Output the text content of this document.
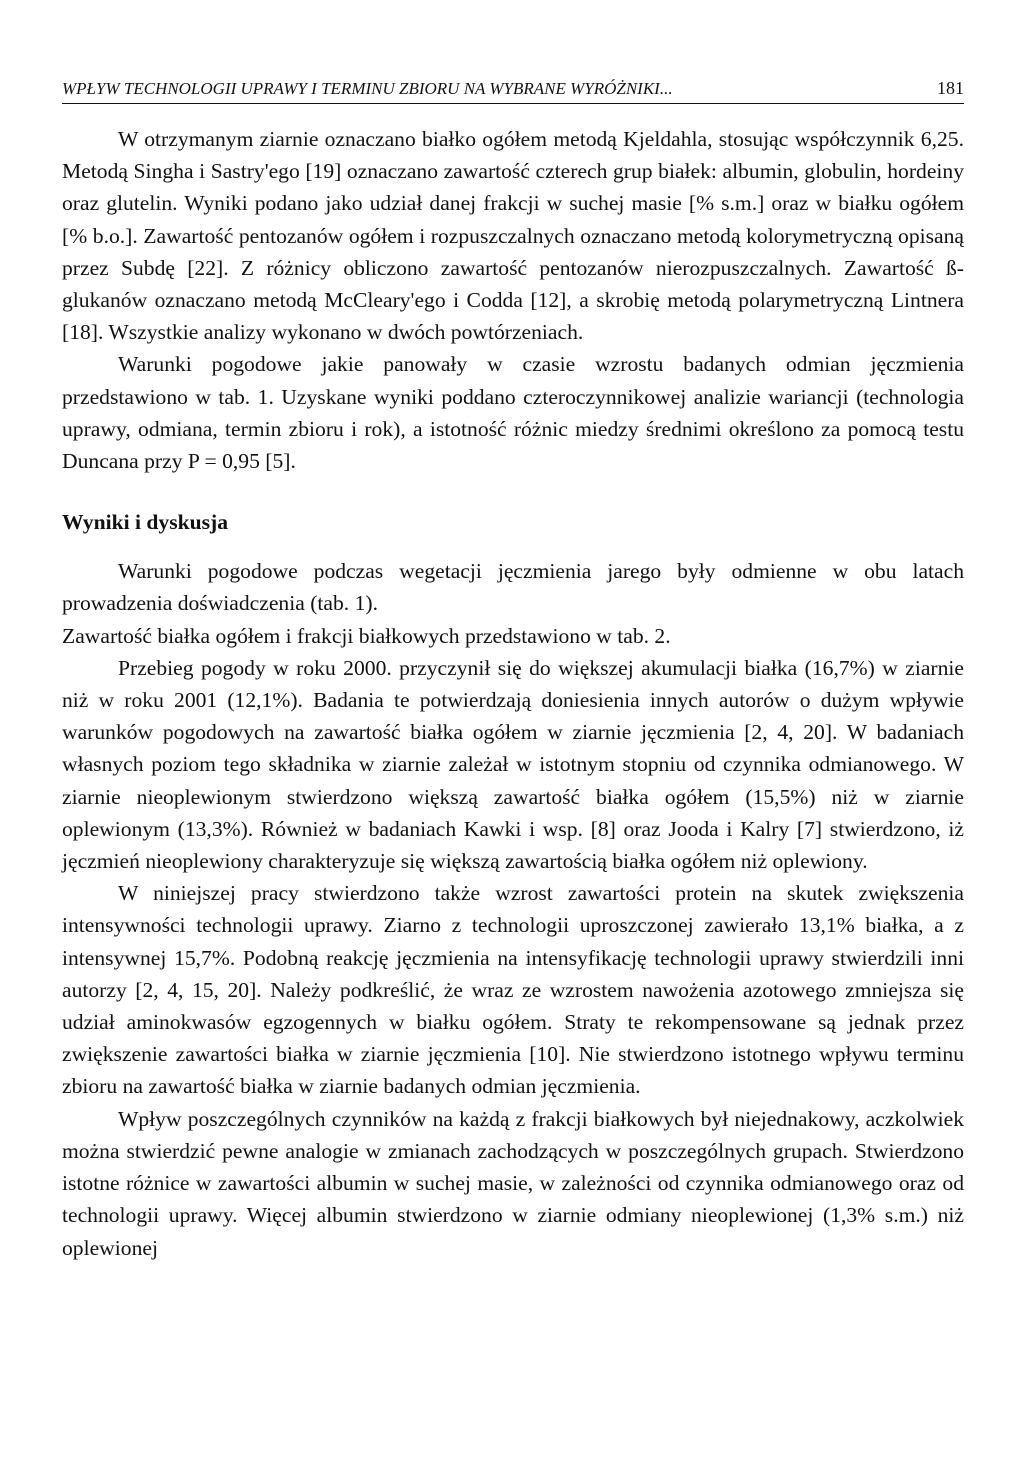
WPŁYW TECHNOLOGII UPRAWY I TERMINU ZBIORU NA WYBRANE WYRÓŻNIKI...	181

W otrzymanym ziarnie oznaczano białko ogółem metodą Kjeldahla, stosując współczynnik 6,25. Metodą Singha i Sastry'ego [19] oznaczano zawartość czterech grup białek: albumin, globulin, hordeiny oraz glutelin. Wyniki podano jako udział danej frakcji w suchej masie [% s.m.] oraz w białku ogółem [% b.o.]. Zawartość pentozanów ogółem i rozpuszczalnych oznaczano metodą kolorymetryczną opisaną przez Subdę [22]. Z różnicy obliczono zawartość pentozanów nierozpuszczalnych. Zawartość ß-glukanów oznaczano metodą McCleary'ego i Codda [12], a skrobię metodą polarymetryczną Lintnera [18]. Wszystkie analizy wykonano w dwóch powtórzeniach.

Warunki pogodowe jakie panowały w czasie wzrostu badanych odmian jęczmienia przedstawiono w tab. 1. Uzyskane wyniki poddano czteroczynnikowej analizie wariancji (technologia uprawy, odmiana, termin zbioru i rok), a istotność różnic miedzy średnimi określono za pomocą testu Duncana przy P = 0,95 [5].

Wyniki i dyskusja

Warunki pogodowe podczas wegetacji jęczmienia jarego były odmienne w obu latach prowadzenia doświadczenia (tab. 1).

Zawartość białka ogółem i frakcji białkowych przedstawiono w tab. 2.

Przebieg pogody w roku 2000. przyczynił się do większej akumulacji białka (16,7%) w ziarnie niż w roku 2001 (12,1%). Badania te potwierdzają doniesienia innych autorów o dużym wpływie warunków pogodowych na zawartość białka ogółem w ziarnie jęczmienia [2, 4, 20]. W badaniach własnych poziom tego składnika w ziarnie zależał w istotnym stopniu od czynnika odmianowego. W ziarnie nieoplewionym stwierdzono większą zawartość białka ogółem (15,5%) niż w ziarnie oplewionym (13,3%). Również w badaniach Kawki i wsp. [8] oraz Jooda i Kalry [7] stwierdzono, iż jęczmień nieoplewiony charakteryzuje się większą zawartością białka ogółem niż oplewiony.

W niniejszej pracy stwierdzono także wzrost zawartości protein na skutek zwiększenia intensywności technologii uprawy. Ziarno z technologii uproszczonej zawierało 13,1% białka, a z intensywnej 15,7%. Podobną reakcję jęczmienia na intensyfikację technologii uprawy stwierdzili inni autorzy [2, 4, 15, 20]. Należy podkreślić, że wraz ze wzrostem nawożenia azotowego zmniejsza się udział aminokwasów egzogennych w białku ogółem. Straty te rekompensowane są jednak przez zwiększenie zawartości białka w ziarnie jęczmienia [10]. Nie stwierdzono istotnego wpływu terminu zbioru na zawartość białka w ziarnie badanych odmian jęczmienia.

Wpływ poszczególnych czynników na każdą z frakcji białkowych był niejednakowy, aczkolwiek można stwierdzić pewne analogie w zmianach zachodzących w poszczególnych grupach. Stwierdzono istotne różnice w zawartości albumin w suchej masie, w zależności od czynnika odmianowego oraz od technologii uprawy. Więcej albumin stwierdzono w ziarnie odmiany nieoplewionej (1,3% s.m.) niż oplewionej
